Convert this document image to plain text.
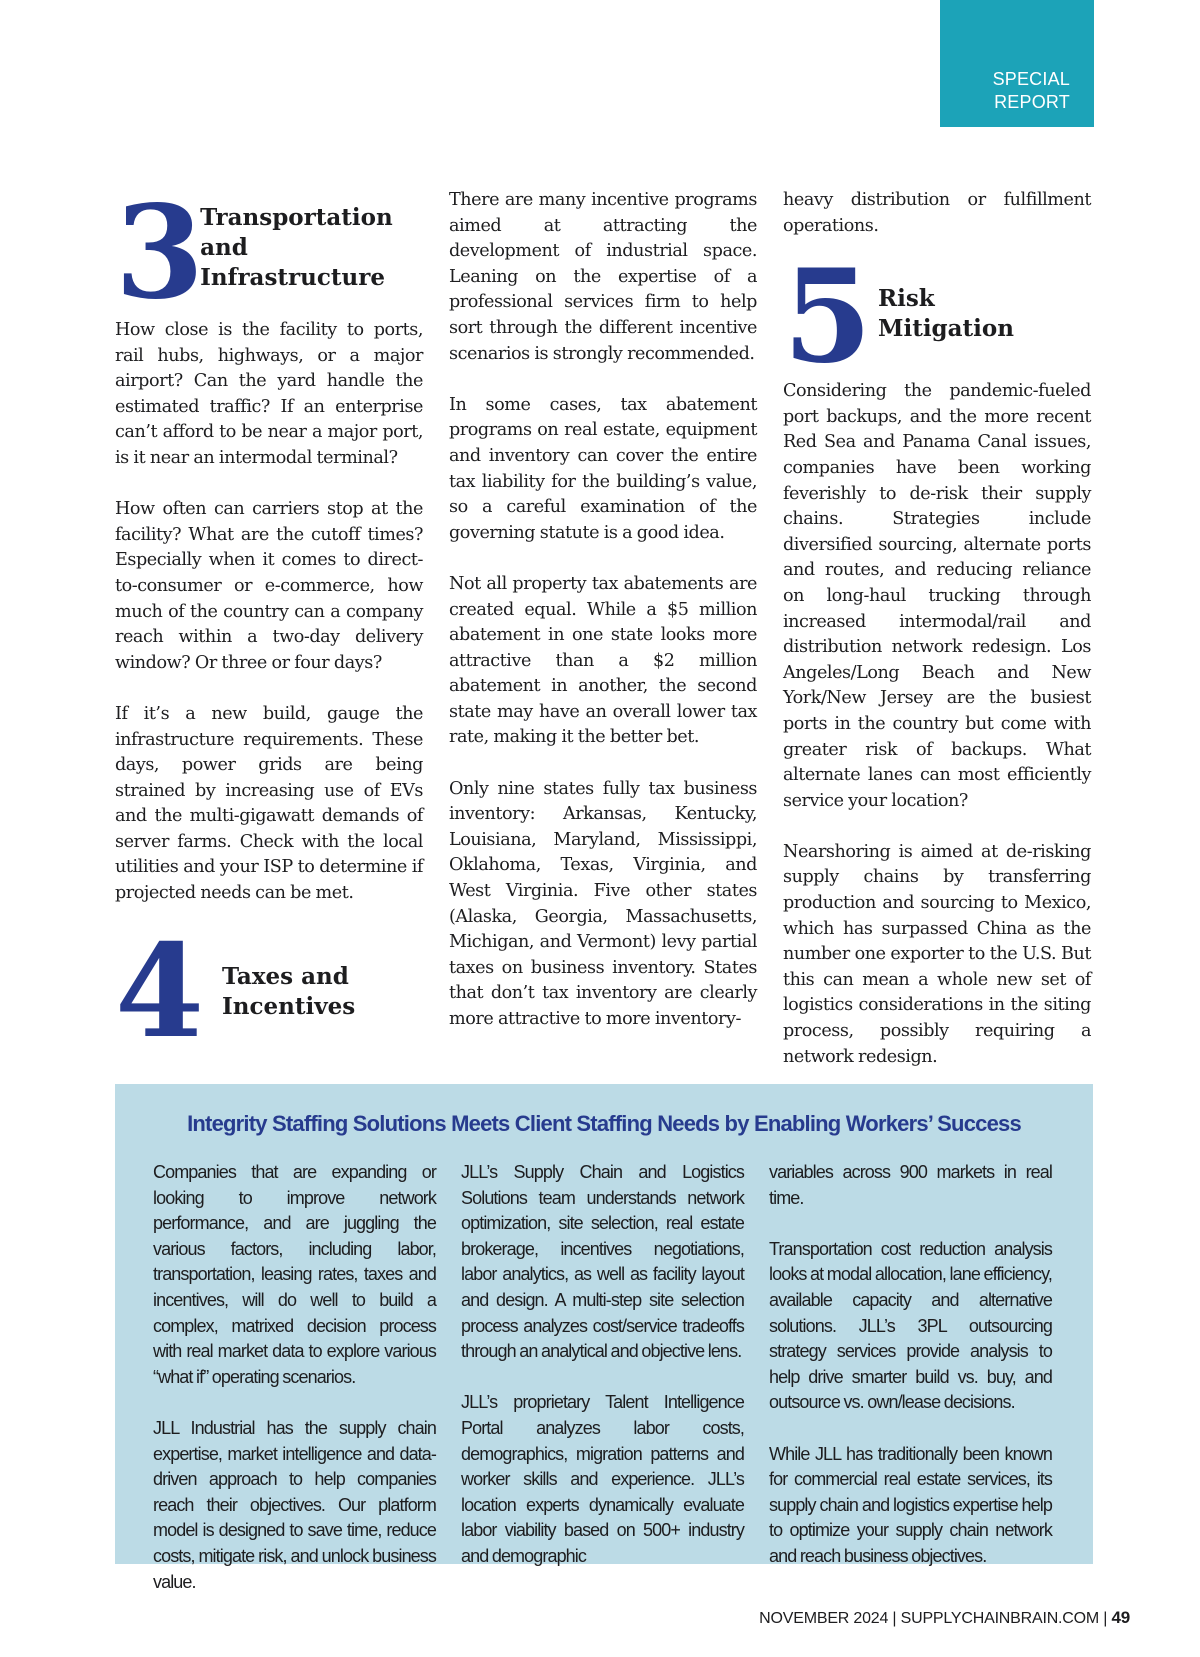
SPECIAL
REPORT
3 Transportation
and Infrastructure

How close is the facility to ports, rail hubs, highways, or a major airport? Can the yard handle the estimated traffic? If an enterprise can’t afford to be near a major port, is it near an intermodal terminal?

How often can carriers stop at the facility? What are the cutoff times? Especially when it comes to direct-to-consumer or e-commerce, how much of the country can a company reach within a two-day delivery window? Or three or four days?

If it’s a new build, gauge the infrastructure requirements. These days, power grids are being strained by increasing use of EVs and the multi-gigawatt demands of server farms. Check with the local utilities and your ISP to determine if projected needs can be met.

4 Taxes and
Incentives

There are many incentive programs aimed at attracting the development of industrial space. Leaning on the expertise of a professional services firm to help sort through the different incentive scenarios is strongly recommended.

In some cases, tax abatement programs on real estate, equipment and inventory can cover the entire tax liability for the building’s value, so a careful examination of the governing statute is a good idea.

Not all property tax abatements are created equal. While a $5 million abatement in one state looks more attractive than a $2 million abatement in another, the second state may have an overall lower tax rate, making it the better bet.

Only nine states fully tax business inventory: Arkansas, Kentucky, Louisiana, Maryland, Mississippi, Oklahoma, Texas, Virginia, and West Virginia. Five other states (Alaska, Georgia, Massachusetts, Michigan, and Vermont) levy partial taxes on business inventory. States that don’t tax inventory are clearly more attractive to more inventory-

heavy distribution or fulfillment operations.

5 Risk
Mitigation

Considering the pandemic-fueled port backups, and the more recent Red Sea and Panama Canal issues, companies have been working feverishly to de-risk their supply chains. Strategies include diversified sourcing, alternate ports and routes, and reducing reliance on long-haul trucking through increased intermodal/rail and distribution network redesign. Los Angeles/Long Beach and New York/New Jersey are the busiest ports in the country but come with greater risk of backups. What alternate lanes can most efficiently service your location?

Nearshoring is aimed at de-risking supply chains by transferring production and sourcing to Mexico, which has surpassed China as the number one exporter to the U.S. But this can mean a whole new set of logistics considerations in the siting process, possibly requiring a network redesign.

Integrity Staffing Solutions Meets Client Staffing Needs by Enabling Workers’ Success

Companies that are expanding or looking to improve network performance, and are juggling the various factors, including labor, transportation, leasing rates, taxes and incentives, will do well to build a complex, matrixed decision process with real market data to explore various “what if” operating scenarios.

JLL Industrial has the supply chain expertise, market intelligence and data-driven approach to help companies reach their objectives. Our platform model is designed to save time, reduce costs, mitigate risk, and unlock business value.

JLL’s Supply Chain and Logistics Solutions team understands network optimization, site selection, real estate brokerage, incentives negotiations, labor analytics, as well as facility layout and design. A multi-step site selection process analyzes cost/service tradeoffs through an analytical and objective lens.

JLL’s proprietary Talent Intelligence Portal analyzes labor costs, demographics, migration patterns and worker skills and experience. JLL’s location experts dynamically evaluate labor viability based on 500+ industry and demographic

variables across 900 markets in real time.

Transportation cost reduction analysis looks at modal allocation, lane efficiency, available capacity and alternative solutions. JLL’s 3PL outsourcing strategy services provide analysis to help drive smarter build vs. buy, and outsource vs. own/lease decisions.

While JLL has traditionally been known for commercial real estate services, its supply chain and logistics expertise help to optimize your supply chain network and reach business objectives.

NOVEMBER 2024 | SUPPLYCHAINBRAIN.COM | 49
